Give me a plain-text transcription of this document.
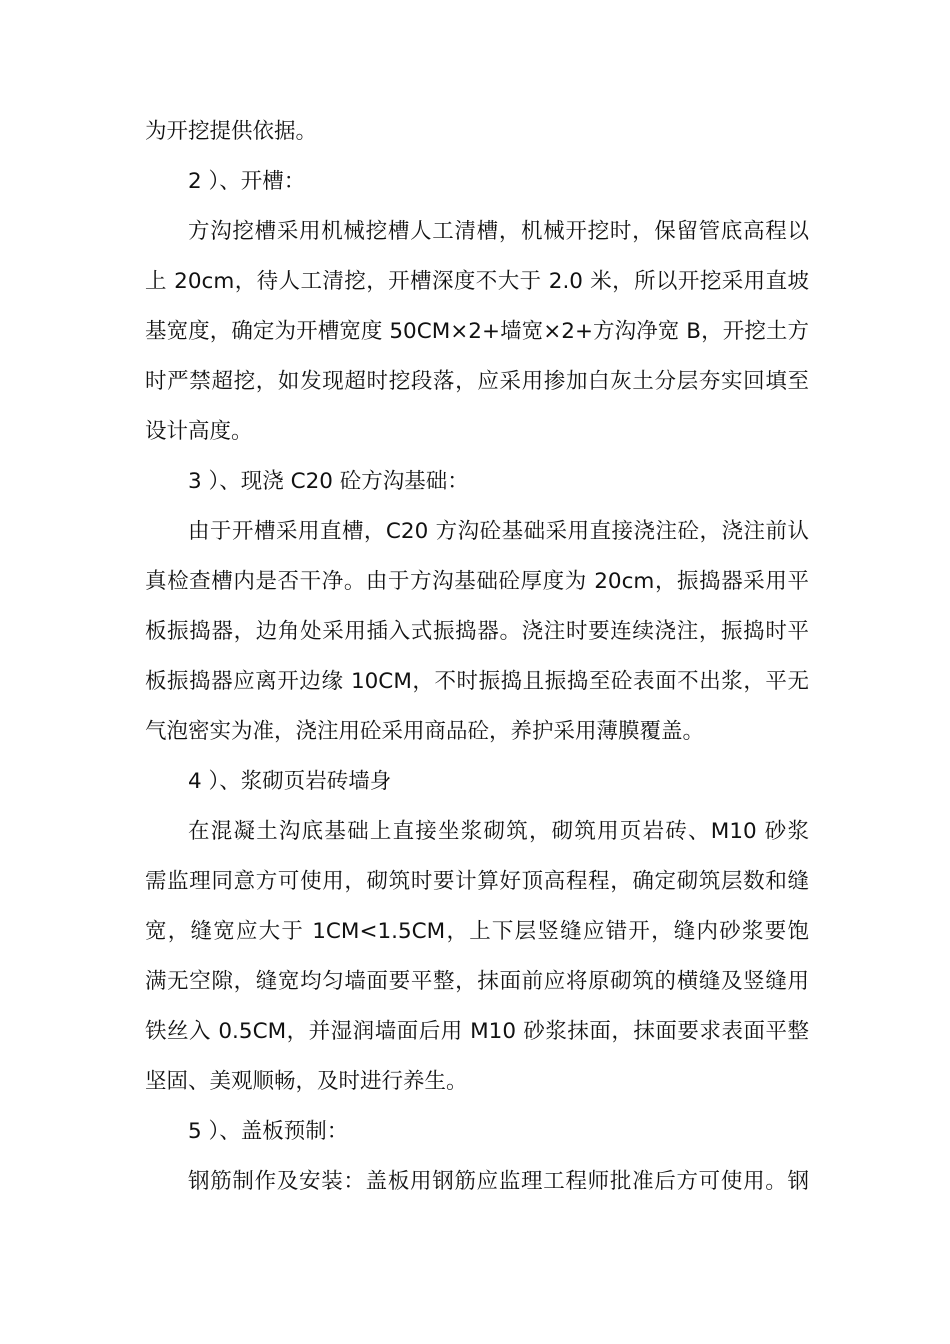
为开挖提供依据。
2 ）、开槽：
方沟挖槽采用机械挖槽人工清槽，机械开挖时，保留管底高程以
上 20cm，待人工清挖，开槽深度不大于 2.0 米，所以开挖采用直坡
基宽度，确定为开槽宽度 50CM×2+墙宽×2+方沟净宽 B，开挖土方
时严禁超挖，如发现超时挖段落，应采用掺加白灰土分层夯实回填至
设计高度。
3 ）、现浇 C20 砼方沟基础：
由于开槽采用直槽，C20 方沟砼基础采用直接浇注砼，浇注前认
真检查槽内是否干净。由于方沟基础砼厚度为 20cm，振捣器采用平
板振捣器，边角处采用插入式振捣器。浇注时要连续浇注，振捣时平
板振捣器应离开边缘 10CM，不时振捣且振捣至砼表面不出浆，平无
气泡密实为准，浇注用砼采用商品砼，养护采用薄膜覆盖。
4 ）、浆砌页岩砖墙身
在混凝土沟底基础上直接坐浆砌筑，砌筑用页岩砖、M10 砂浆
需监理同意方可使用，砌筑时要计算好顶高程程，确定砌筑层数和缝
宽，缝宽应大于 1CM<1.5CM，上下层竖缝应错开，缝内砂浆要饱
满无空隙，缝宽均匀墙面要平整，抹面前应将原砌筑的横缝及竖缝用
铁丝入 0.5CM，并湿润墙面后用 M10 砂浆抹面，抹面要求表面平整
坚固、美观顺畅，及时进行养生。
5 ）、盖板预制：
钢筋制作及安装：盖板用钢筋应监理工程师批准后方可使用。钢
